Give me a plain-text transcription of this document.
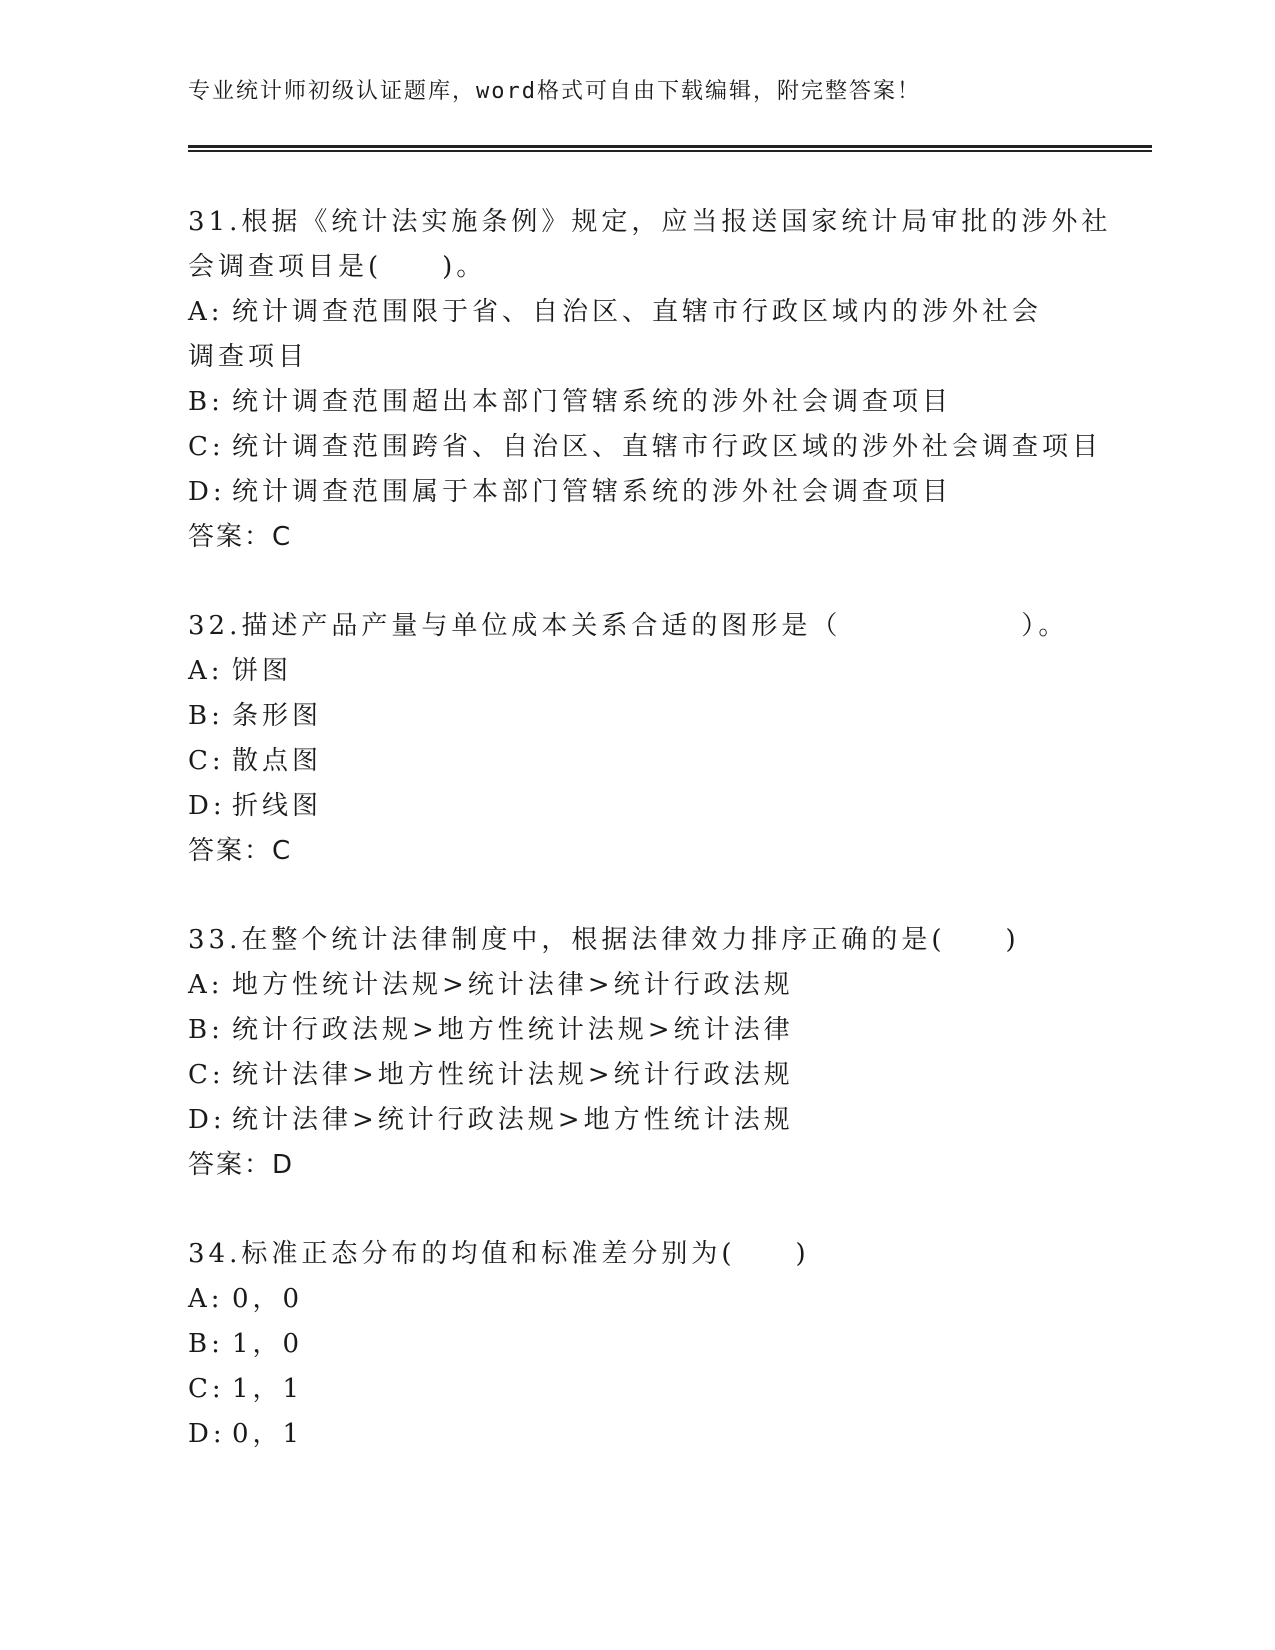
专业统计师初级认证题库，word格式可自由下载编辑，附完整答案！
31.根据《统计法实施条例》规定，应当报送国家统计局审批的涉外社
会调查项目是(　　)。
A: 统计调查范围限于省、自治区、直辖市行政区域内的涉外社会调查项目
B: 统计调查范围超出本部门管辖系统的涉外社会调查项目
C: 统计调查范围跨省、自治区、直辖市行政区域的涉外社会调查项目
D: 统计调查范围属于本部门管辖系统的涉外社会调查项目
答案：C
32.描述产品产量与单位成本关系合适的图形是（　　　　　　）。
A: 饼图
B: 条形图
C: 散点图
D: 折线图
答案：C
33.在整个统计法律制度中，根据法律效力排序正确的是(　　)
A: 地方性统计法规>统计法律>统计行政法规
B: 统计行政法规>地方性统计法规>统计法律
C: 统计法律>地方性统计法规>统计行政法规
D: 统计法律>统计行政法规>地方性统计法规
答案：D
34.标准正态分布的均值和标准差分别为(　　)
A: 0，0
B: 1，0
C: 1，1
D: 0，1
